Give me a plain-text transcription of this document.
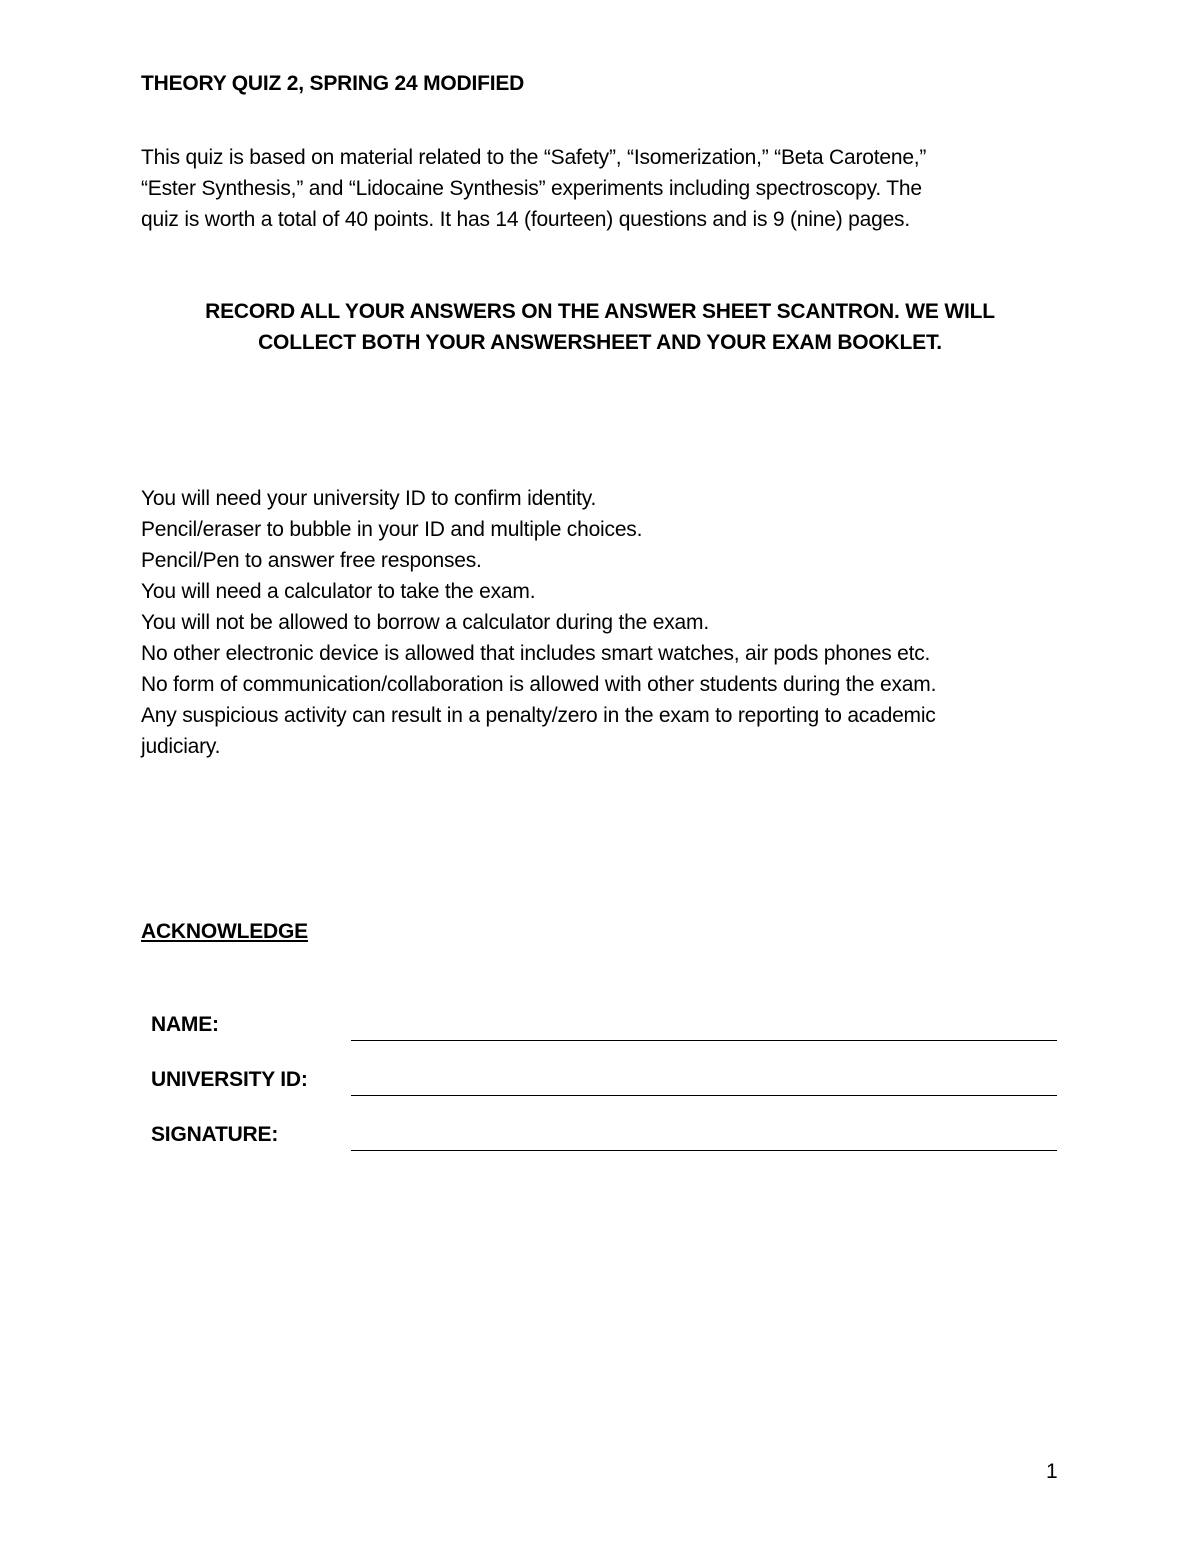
THEORY QUIZ 2, SPRING 24 MODIFIED
This quiz is based on material related to the “Safety”, “Isomerization,” “Beta Carotene,”
“Ester Synthesis,” and “Lidocaine Synthesis” experiments including spectroscopy. The
quiz is worth a total of 40 points. It has 14 (fourteen) questions and is 9 (nine) pages.
RECORD ALL YOUR ANSWERS ON THE ANSWER SHEET SCANTRON. WE WILL
COLLECT BOTH YOUR ANSWERSHEET AND YOUR EXAM BOOKLET.
You will need your university ID to confirm identity.
Pencil/eraser to bubble in your ID and multiple choices.
Pencil/Pen to answer free responses.
You will need a calculator to take the exam.
You will not be allowed to borrow a calculator during the exam.
No other electronic device is allowed that includes smart watches, air pods phones etc.
No form of communication/collaboration is allowed with other students during the exam.
Any suspicious activity can result in a penalty/zero in the exam to reporting to academic
judiciary.
ACKNOWLEDGE
NAME:
UNIVERSITY ID:
SIGNATURE:
1
